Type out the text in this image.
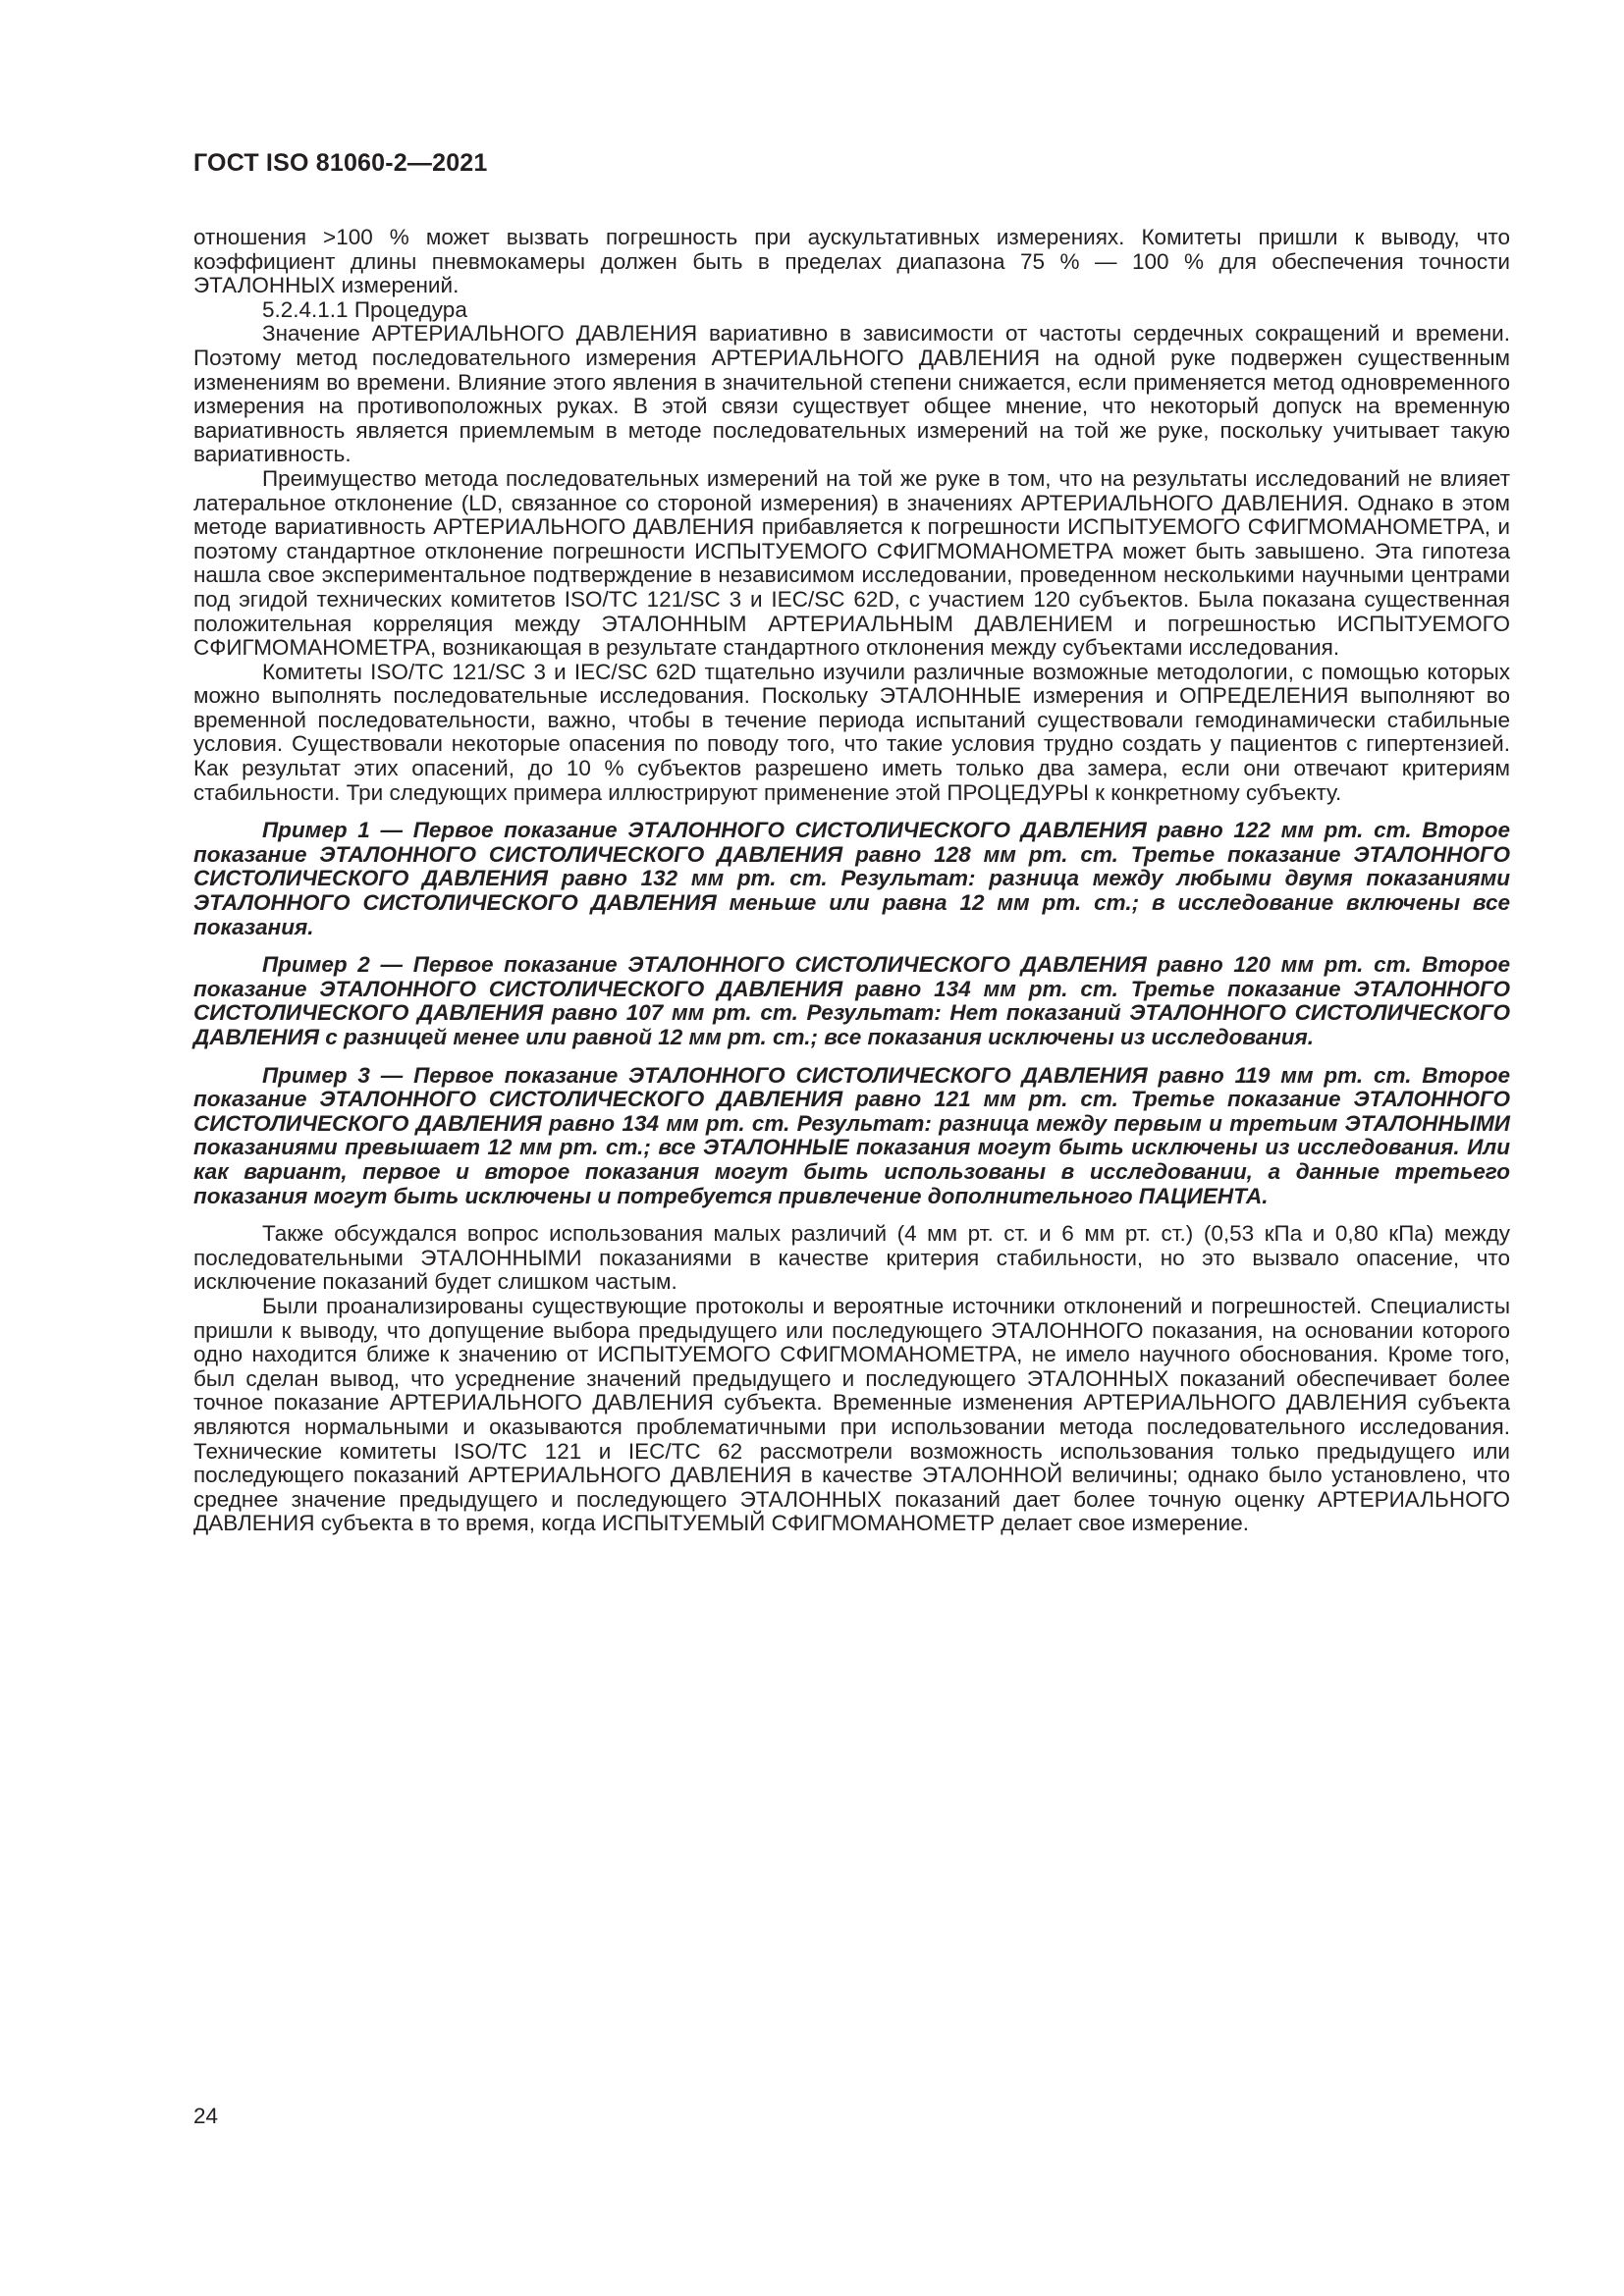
ГОСТ ISO 81060-2—2021

отношения >100 % может вызвать погрешность при аускультативных измерениях. Комитеты пришли к выводу, что коэффициент длины пневмокамеры должен быть в пределах диапазона 75 % — 100 % для обеспечения точности ЭТАЛОННЫХ измерений.

5.2.4.1.1 Процедура

Значение АРТЕРИАЛЬНОГО ДАВЛЕНИЯ вариативно в зависимости от частоты сердечных сокращений и времени. Поэтому метод последовательного измерения АРТЕРИАЛЬНОГО ДАВЛЕНИЯ на одной руке подвержен существенным изменениям во времени. Влияние этого явления в значительной степени снижается, если применяется метод одновременного измерения на противоположных руках. В этой связи существует общее мнение, что некоторый допуск на временную вариативность является приемлемым в методе последовательных измерений на той же руке, поскольку учитывает такую вариативность.

Преимущество метода последовательных измерений на той же руке в том, что на результаты исследований не влияет латеральное отклонение (LD, связанное со стороной измерения) в значениях АРТЕРИАЛЬНОГО ДАВЛЕНИЯ. Однако в этом методе вариативность АРТЕРИАЛЬНОГО ДАВЛЕНИЯ прибавляется к погрешности ИСПЫТУЕМОГО СФИГМОМАНОМЕТРА, и поэтому стандартное отклонение погрешности ИСПЫТУЕМОГО СФИГМОМАНОМЕТРА может быть завышено. Эта гипотеза нашла свое экспериментальное подтверждение в независимом исследовании, проведенном несколькими научными центрами под эгидой технических комитетов ISO/TC 121/SC 3 и IEC/SC 62D, с участием 120 субъектов. Была показана существенная положительная корреляция между ЭТАЛОННЫМ АРТЕРИАЛЬНЫМ ДАВЛЕНИЕМ и погрешностью ИСПЫТУЕМОГО СФИГМОМАНОМЕТРА, возникающая в результате стандартного отклонения между субъектами исследования.

Комитеты ISO/TC 121/SC 3 и IEC/SC 62D тщательно изучили различные возможные методологии, с помощью которых можно выполнять последовательные исследования. Поскольку ЭТАЛОННЫЕ измерения и ОПРЕДЕЛЕНИЯ выполняют во временной последовательности, важно, чтобы в течение периода испытаний существовали гемодинамически стабильные условия. Существовали некоторые опасения по поводу того, что такие условия трудно создать у пациентов с гипертензией. Как результат этих опасений, до 10 % субъектов разрешено иметь только два замера, если они отвечают критериям стабильности. Три следующих примера иллюстрируют применение этой ПРОЦЕДУРЫ к конкретному субъекту.

Пример 1 — Первое показание ЭТАЛОННОГО СИСТОЛИЧЕСКОГО ДАВЛЕНИЯ равно 122 мм рт. ст. Второе показание ЭТАЛОННОГО СИСТОЛИЧЕСКОГО ДАВЛЕНИЯ равно 128 мм рт. ст. Третье показание ЭТАЛОННОГО СИСТОЛИЧЕСКОГО ДАВЛЕНИЯ равно 132 мм рт. ст. Результат: разница между любыми двумя показаниями ЭТАЛОННОГО СИСТОЛИЧЕСКОГО ДАВЛЕНИЯ меньше или равна 12 мм рт. ст.; в исследование включены все показания.

Пример 2 — Первое показание ЭТАЛОННОГО СИСТОЛИЧЕСКОГО ДАВЛЕНИЯ равно 120 мм рт. ст. Второе показание ЭТАЛОННОГО СИСТОЛИЧЕСКОГО ДАВЛЕНИЯ равно 134 мм рт. ст. Третье показание ЭТАЛОННОГО СИСТОЛИЧЕСКОГО ДАВЛЕНИЯ равно 107 мм рт. ст. Результат: Нет показаний ЭТАЛОННОГО СИСТОЛИЧЕСКОГО ДАВЛЕНИЯ с разницей менее или равной 12 мм рт. ст.; все показания исключены из исследования.

Пример 3 — Первое показание ЭТАЛОННОГО СИСТОЛИЧЕСКОГО ДАВЛЕНИЯ равно 119 мм рт. ст. Второе показание ЭТАЛОННОГО СИСТОЛИЧЕСКОГО ДАВЛЕНИЯ равно 121 мм рт. ст. Третье показание ЭТАЛОННОГО СИСТОЛИЧЕСКОГО ДАВЛЕНИЯ равно 134 мм рт. ст. Результат: разница между первым и третьим ЭТАЛОННЫМИ показаниями превышает 12 мм рт. ст.; все ЭТАЛОННЫЕ показания могут быть исключены из исследования. Или как вариант, первое и второе показания могут быть использованы в исследовании, а данные третьего показания могут быть исключены и потребуется привлечение дополнительного ПАЦИЕНТА.

Также обсуждался вопрос использования малых различий (4 мм рт. ст. и 6 мм рт. ст.) (0,53 кПа и 0,80 кПа) между последовательными ЭТАЛОННЫМИ показаниями в качестве критерия стабильности, но это вызвало опасение, что исключение показаний будет слишком частым.

Были проанализированы существующие протоколы и вероятные источники отклонений и погрешностей. Специалисты пришли к выводу, что допущение выбора предыдущего или последующего ЭТАЛОННОГО показания, на основании которого одно находится ближе к значению от ИСПЫТУЕМОГО СФИГМОМАНОМЕТРА, не имело научного обоснования. Кроме того, был сделан вывод, что усреднение значений предыдущего и последующего ЭТАЛОННЫХ показаний обеспечивает более точное показание АРТЕРИАЛЬНОГО ДАВЛЕНИЯ субъекта. Временные изменения АРТЕРИАЛЬНОГО ДАВЛЕНИЯ субъекта являются нормальными и оказываются проблематичными при использовании метода последовательного исследования. Технические комитеты ISO/TC 121 и IEC/TC 62 рассмотрели возможность использования только предыдущего или последующего показаний АРТЕРИАЛЬНОГО ДАВЛЕНИЯ в качестве ЭТАЛОННОЙ величины; однако было установлено, что среднее значение предыдущего и последующего ЭТАЛОННЫХ показаний дает более точную оценку АРТЕРИАЛЬНОГО ДАВЛЕНИЯ субъекта в то время, когда ИСПЫТУЕМЫЙ СФИГМОМАНОМЕТР делает свое измерение.

24
